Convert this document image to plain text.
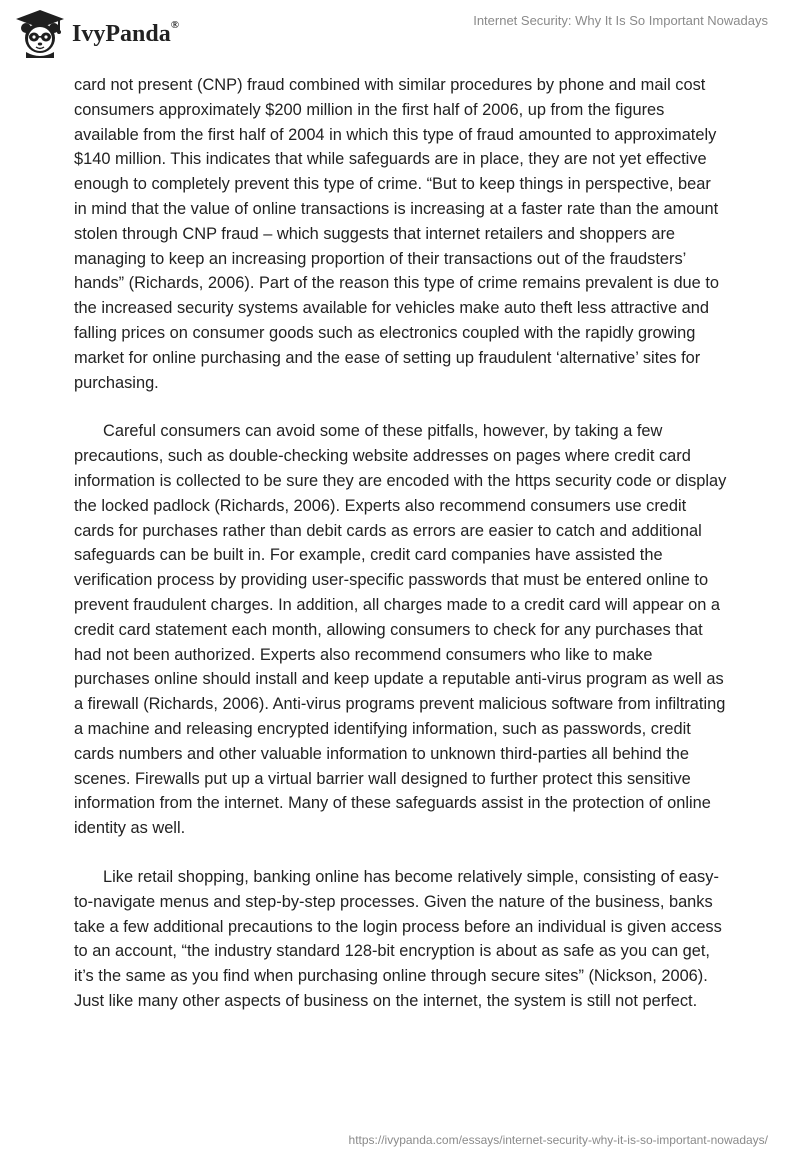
IvyPanda®	Internet Security: Why It Is So Important Nowadays

card not present (CNP) fraud combined with similar procedures by phone and mail cost consumers approximately $200 million in the first half of 2006, up from the figures available from the first half of 2004 in which this type of fraud amounted to approximately $140 million. This indicates that while safeguards are in place, they are not yet effective enough to completely prevent this type of crime. “But to keep things in perspective, bear in mind that the value of online transactions is increasing at a faster rate than the amount stolen through CNP fraud – which suggests that internet retailers and shoppers are managing to keep an increasing proportion of their transactions out of the fraudsters’ hands” (Richards, 2006). Part of the reason this type of crime remains prevalent is due to the increased security systems available for vehicles make auto theft less attractive and falling prices on consumer goods such as electronics coupled with the rapidly growing market for online purchasing and the ease of setting up fraudulent ‘alternative’ sites for purchasing.

Careful consumers can avoid some of these pitfalls, however, by taking a few precautions, such as double-checking website addresses on pages where credit card information is collected to be sure they are encoded with the https security code or display the locked padlock (Richards, 2006). Experts also recommend consumers use credit cards for purchases rather than debit cards as errors are easier to catch and additional safeguards can be built in. For example, credit card companies have assisted the verification process by providing user-specific passwords that must be entered online to prevent fraudulent charges. In addition, all charges made to a credit card will appear on a credit card statement each month, allowing consumers to check for any purchases that had not been authorized. Experts also recommend consumers who like to make purchases online should install and keep update a reputable anti-virus program as well as a firewall (Richards, 2006). Anti-virus programs prevent malicious software from infiltrating a machine and releasing encrypted identifying information, such as passwords, credit cards numbers and other valuable information to unknown third-parties all behind the scenes. Firewalls put up a virtual barrier wall designed to further protect this sensitive information from the internet. Many of these safeguards assist in the protection of online identity as well.

Like retail shopping, banking online has become relatively simple, consisting of easy-to-navigate menus and step-by-step processes. Given the nature of the business, banks take a few additional precautions to the login process before an individual is given access to an account, “the industry standard 128-bit encryption is about as safe as you can get, it’s the same as you find when purchasing online through secure sites” (Nickson, 2006). Just like many other aspects of business on the internet, the system is still not perfect.

https://ivypanda.com/essays/internet-security-why-it-is-so-important-nowadays/
